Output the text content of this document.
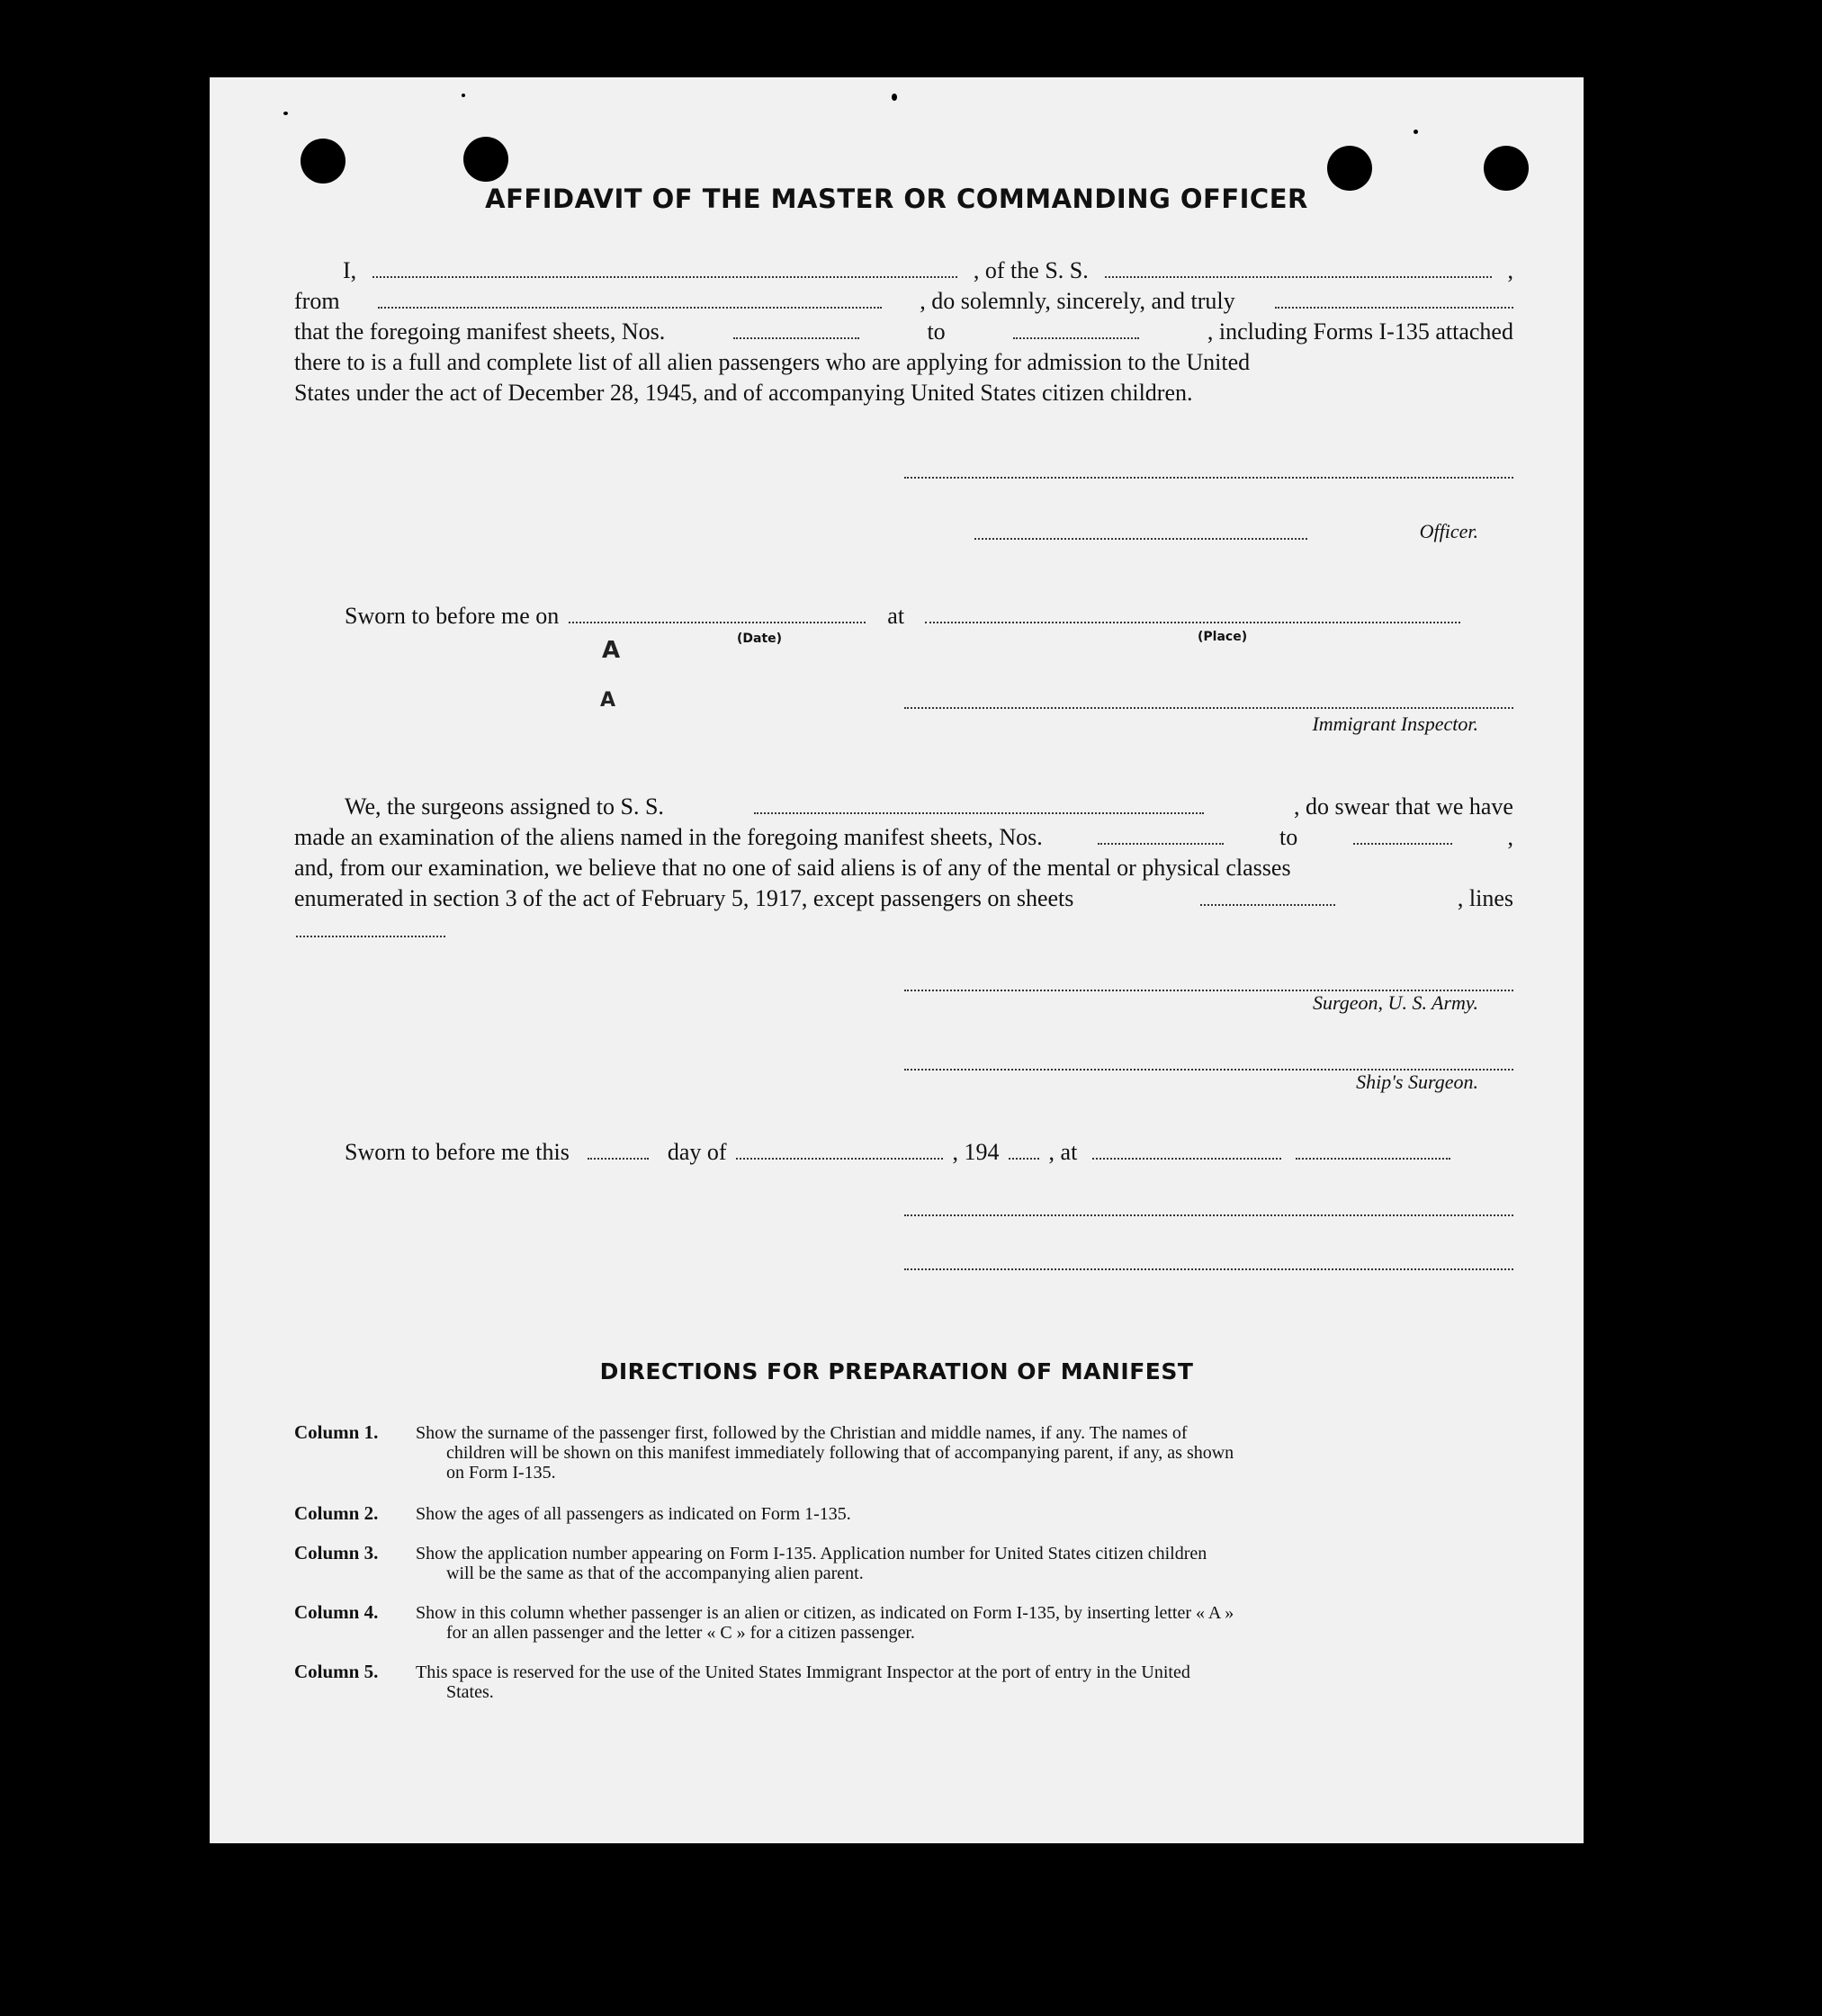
AFFIDAVIT OF THE MASTER OR COMMANDING OFFICER
I,	, of the S. S.	,
from	, do solemnly, sincerely, and truly
that the foregoing manifest sheets, Nos.	to	, including Forms I-135 attached
there to is a full and complete list of all alien passengers who are applying for admission to the United
States under the act of December 28, 1945, and of accompanying United States citizen children.
Officer.
Sworn to before me on	at
(Date)	(Place)
A
A
Immigrant Inspector.
We, the surgeons assigned to S. S.	, do swear that we have
made an examination of the aliens named in the foregoing manifest sheets, Nos.	to	,
and, from our examination, we believe that no one of said aliens is of any of the mental or physical classes
enumerated in section 3 of the act of February 5, 1917, except passengers on sheets	, lines
Surgeon, U. S. Army.
Ship's Surgeon.
Sworn to before me this	day of	, 194 , at
DIRECTIONS FOR PREPARATION OF MANIFEST
Column 1. Show the surname of the passenger first, followed by the Christian and middle names, if any. The names of
children will be shown on this manifest immediately following that of accompanying parent, if any, as shown
on Form I-135.
Column 2. Show the ages of all passengers as indicated on Form 1-135.
Column 3. Show the application number appearing on Form I-135. Application number for United States citizen children
will be the same as that of the accompanying alien parent.
Column 4. Show in this column whether passenger is an alien or citizen, as indicated on Form I-135, by inserting letter « A »
for an allen passenger and the letter « C » for a citizen passenger.
Column 5. This space is reserved for the use of the United States Immigrant Inspector at the port of entry in the United
States.
